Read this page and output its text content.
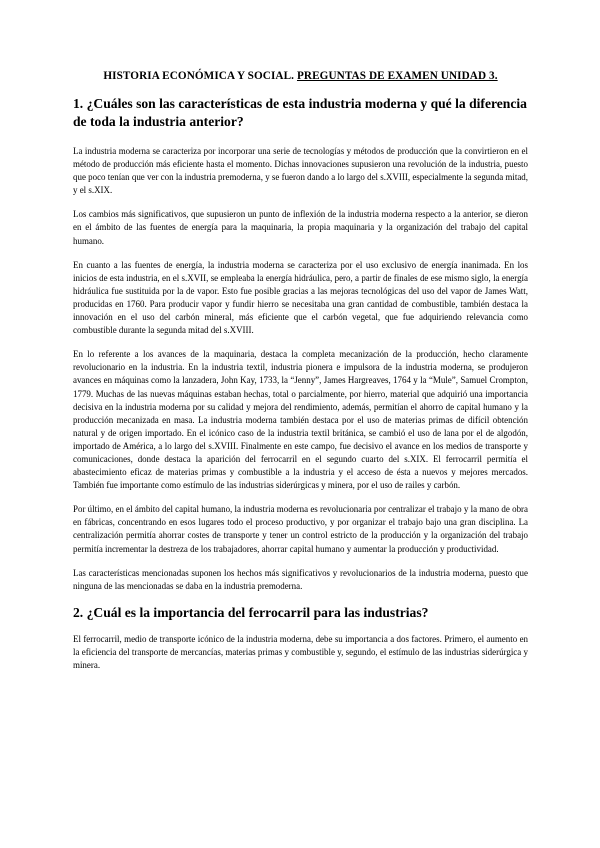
HISTORIA ECONÓMICA Y SOCIAL. PREGUNTAS DE EXAMEN UNIDAD 3.
1. ¿Cuáles son las características de esta industria moderna y qué la diferencia de toda la industria anterior?

La industria moderna se caracteriza por incorporar una serie de tecnologías y métodos de producción que la convirtieron en el método de producción más eficiente hasta el momento. Dichas innovaciones supusieron una revolución de la industria, puesto que poco tenían que ver con la industria premoderna, y se fueron dando a lo largo del s.XVIII, especialmente la segunda mitad, y el s.XIX.

Los cambios más significativos, que supusieron un punto de inflexión de la industria moderna respecto a la anterior, se dieron en el ámbito de las fuentes de energía para la maquinaria, la propia maquinaria y la organización del trabajo del capital humano.

En cuanto a las fuentes de energía, la industria moderna se caracteriza por el uso exclusivo de energía inanimada. En los inicios de esta industria, en el s.XVII, se empleaba la energía hidráulica, pero, a partir de finales de ese mismo siglo, la energía hidráulica fue sustituida por la de vapor. Esto fue posible gracias a las mejoras tecnológicas del uso del vapor de James Watt, producidas en 1760. Para producir vapor y fundir hierro se necesitaba una gran cantidad de combustible, también destaca la innovación en el uso del carbón mineral, más eficiente que el carbón vegetal, que fue adquiriendo relevancia como combustible durante la segunda mitad del s.XVIII.

En lo referente a los avances de la maquinaria, destaca la completa mecanización de la producción, hecho claramente revolucionario en la industria. En la industria textil, industria pionera e impulsora de la industria moderna, se produjeron avances en máquinas como la lanzadera, John Kay, 1733, la “Jenny”, James Hargreaves, 1764 y la “Mule”, Samuel Crompton, 1779. Muchas de las nuevas máquinas estaban hechas, total o parcialmente, por hierro, material que adquirió una importancia decisiva en la industria moderna por su calidad y mejora del rendimiento, además, permitían el ahorro de capital humano y la producción mecanizada en masa. La industria moderna también destaca por el uso de materias primas de difícil obtención natural y de origen importado. En el icónico caso de la industria textil británica, se cambió el uso de lana por el de algodón, importado de América, a lo largo del s.XVIII. Finalmente en este campo, fue decisivo el avance en los medios de transporte y comunicaciones, donde destaca la aparición del ferrocarril en el segundo cuarto del s.XIX. El ferrocarril permitía el abastecimiento eficaz de materias primas y combustible a la industria y el acceso de ésta a nuevos y mejores mercados. También fue importante como estímulo de las industrias siderúrgicas y minera, por el uso de railes y carbón.

Por último, en el ámbito del capital humano, la industria moderna es revolucionaria por centralizar el trabajo y la mano de obra en fábricas, concentrando en esos lugares todo el proceso productivo, y por organizar el trabajo bajo una gran disciplina. La centralización permitía ahorrar costes de transporte y tener un control estricto de la producción y la organización del trabajo permitía incrementar la destreza de los trabajadores, ahorrar capital humano y aumentar la producción y productividad.

Las características mencionadas suponen los hechos más significativos y revolucionarios de la industria moderna, puesto que ninguna de las mencionadas se daba en la industria premoderna.

2. ¿Cuál es la importancia del ferrocarril para las industrias?

El ferrocarril, medio de transporte icónico de la industria moderna, debe su importancia a dos factores. Primero, el aumento en la eficiencia del transporte de mercancías, materias primas y combustible y, segundo, el estímulo de las industrias siderúrgica y minera.
